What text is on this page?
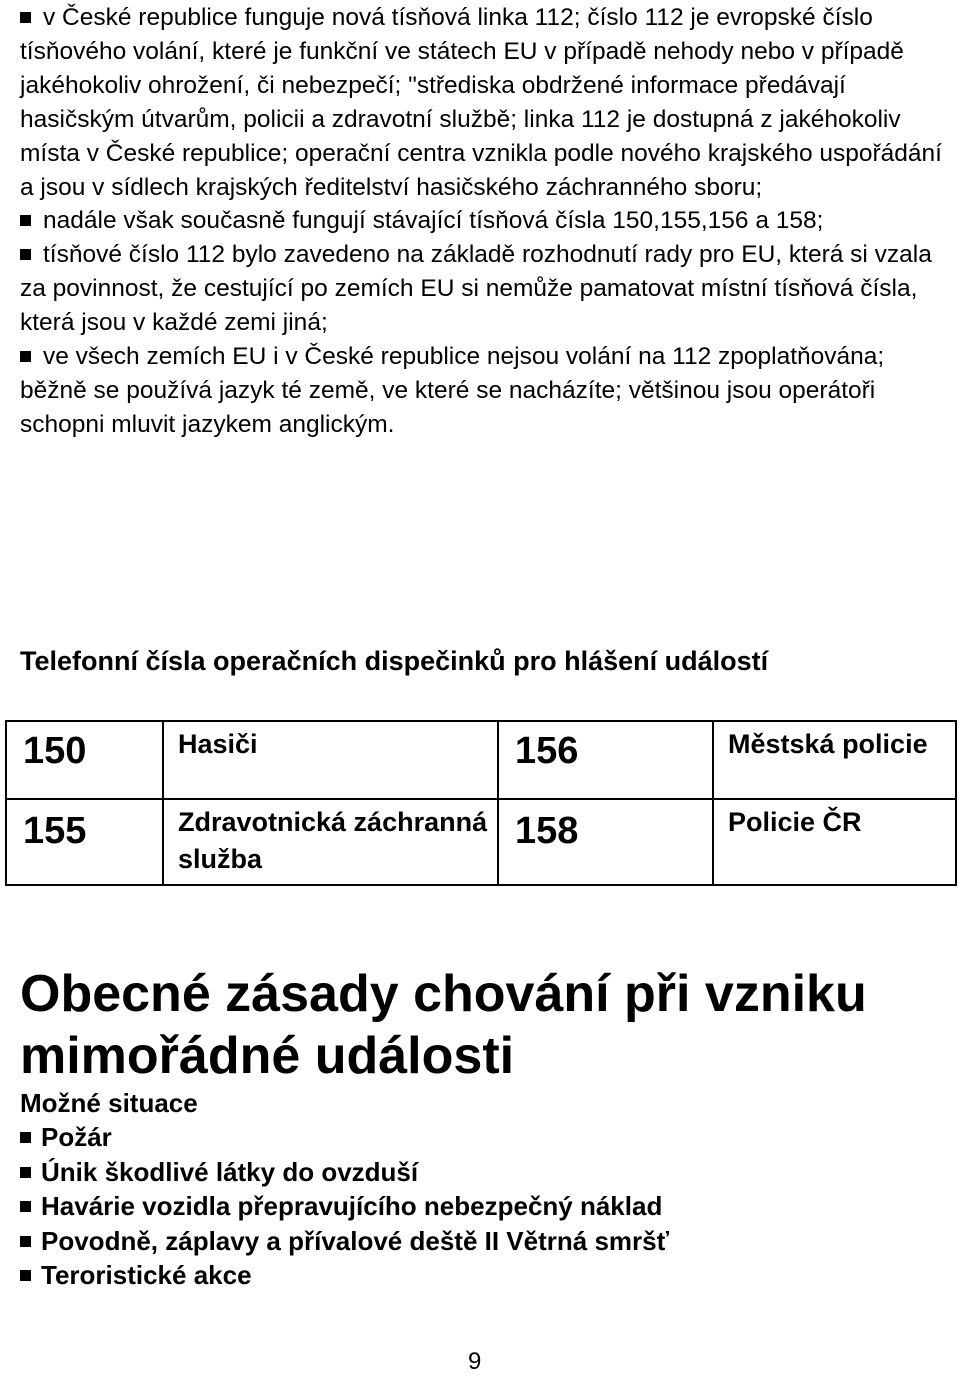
v České republice funguje nová tísňová linka 112; číslo 112 je evropské číslo tísňového volání, které je funkční ve státech EU v případě nehody nebo v případě jakéhokoliv ohrožení, či nebezpečí; "střediska obdržené informace předávají hasičským útvarům, policii a zdravotní službě; linka 112 je dostupná z jakéhokoliv místa v České republice; operační centra vznikla podle nového krajského uspořádání a jsou v sídlech krajských ředitelství hasičského záchranného sboru;

nadále však současně fungují stávající tísňová čísla 150,155,156 a 158;

tísňové číslo 112 bylo zavedeno na základě rozhodnutí rady pro EU, která si vzala za povinnost, že cestující po zemích EU si nemůže pamatovat místní tísňová čísla, která jsou v každé zemi jiná;

ve všech zemích EU i v České republice nejsou volání na 112 zpoplatňována; běžně se používá jazyk té země, ve které se nacházíte; většinou jsou operátoři schopni mluvit jazykem anglickým.

Telefonní čísla operačních dispečinků pro hlášení událostí
150	Hasiči	156	Městská policie
155	Zdravotnická záchranná služba	158	Policie ČR
Obecné zásady chování při vzniku mimořádné události
Možné situace
Požár
Únik škodlivé látky do ovzduší
Havárie vozidla přepravujícího nebezpečný náklad
Povodně, záplavy a přívalové deště II Větrná smršť
Teroristické akce
9
